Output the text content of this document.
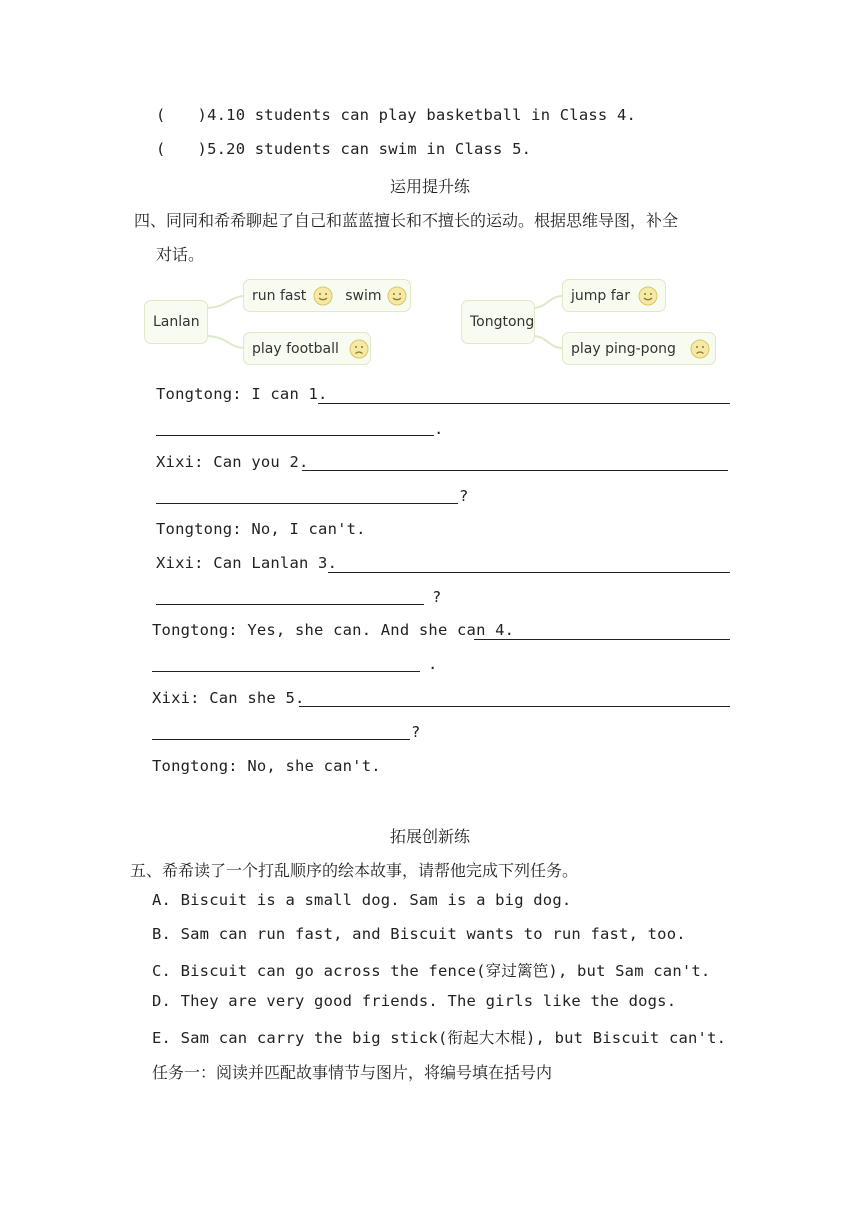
( )4.10 students can play basketball in Class 4.
( )5.20 students can swim in Class 5.
运用提升练
四、同同和希希聊起了自己和蓝蓝擅长和不擅长的运动。根据思维导图，补全
对话。
Lanlan
run fast	swim
play football
Tongtong
jump far
play ping-pong
Tongtong: I can 1.
.
Xixi: Can you 2.
?
Tongtong: No, I can't.
Xixi: Can Lanlan 3.
?
Tongtong: Yes, she can. And she can 4.
.
Xixi: Can she 5.
?
Tongtong: No, she can't.
拓展创新练
五、希希读了一个打乱顺序的绘本故事，请帮他完成下列任务。
A. Biscuit is a small dog. Sam is a big dog.
B. Sam can run fast, and Biscuit wants to run fast, too.
C. Biscuit can go across the fence(穿过篱笆), but Sam can't.
D. They are very good friends. The girls like the dogs.
E. Sam can carry the big stick(衔起大木棍), but Biscuit can't.
任务一：阅读并匹配故事情节与图片，将编号填在括号内
